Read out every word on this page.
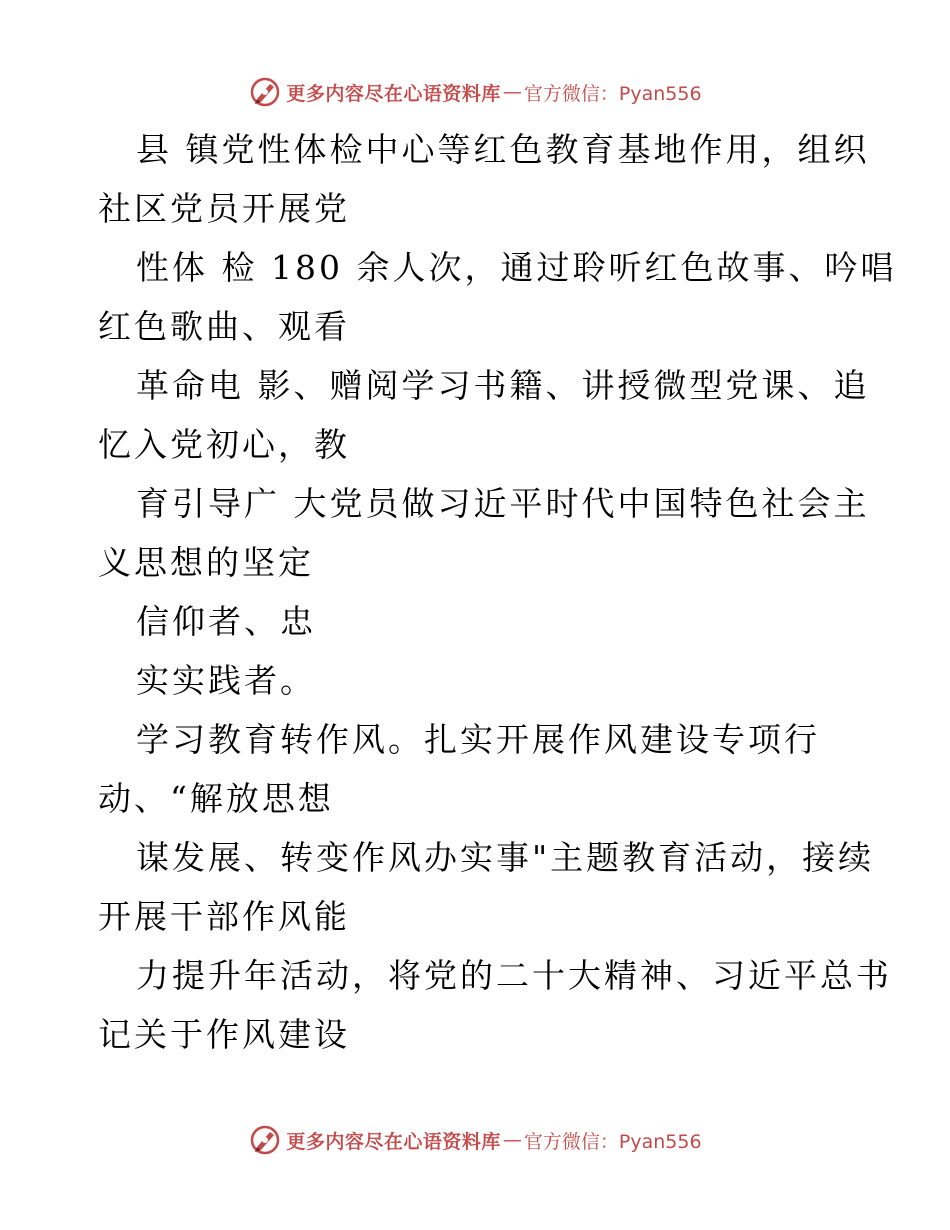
更多内容尽在心语资料库 — 官方微信：Pyan556
县 镇党性体检中心等红色教育基地作用，组织
社区党员开展党
性体 检 180 余人次，通过聆听红色故事、吟唱
红色歌曲、观看
革命电 影、赠阅学习书籍、讲授微型党课、追
忆入党初心，教
育引导广 大党员做习近平时代中国特色社会主
义思想的坚定
信仰者、忠
实实践者。
学习教育转作风。扎实开展作风建设专项行
动、“解放思想
谋发展、转变作风办实事"主题教育活动，接续
开展干部作风能
力提升年活动，将党的二十大精神、习近平总书
记关于作风建设
更多内容尽在心语资料库 — 官方微信：Pyan556
